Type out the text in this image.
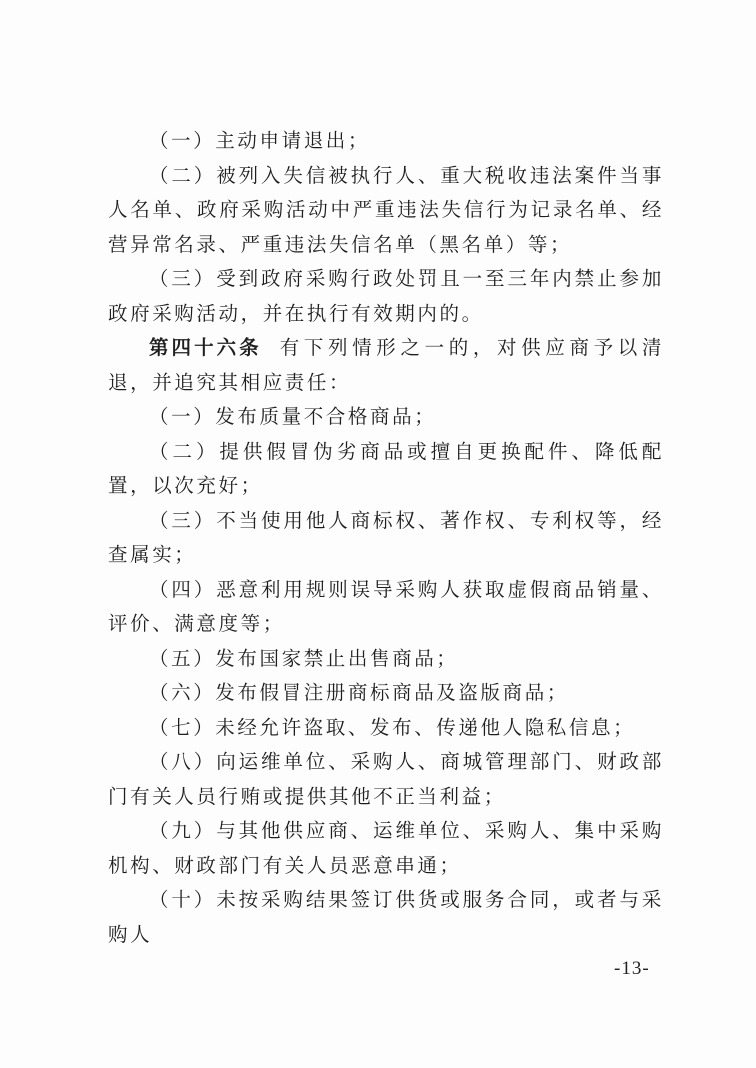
（一）主动申请退出；

（二）被列入失信被执行人、重大税收违法案件当事人名单、政府采购活动中严重违法失信行为记录名单、经营异常名录、严重违法失信名单（黑名单）等；

（三）受到政府采购行政处罚且一至三年内禁止参加政府采购活动，并在执行有效期内的。

第四十六条 有下列情形之一的，对供应商予以清退，并追究其相应责任：

（一）发布质量不合格商品；

（二）提供假冒伪劣商品或擅自更换配件、降低配置，以次充好；

（三）不当使用他人商标权、著作权、专利权等，经查属实；

（四）恶意利用规则误导采购人获取虚假商品销量、评价、满意度等；

（五）发布国家禁止出售商品；

（六）发布假冒注册商标商品及盗版商品；

（七）未经允许盗取、发布、传递他人隐私信息；

（八）向运维单位、采购人、商城管理部门、财政部门有关人员行贿或提供其他不正当利益；

（九）与其他供应商、运维单位、采购人、集中采购机构、财政部门有关人员恶意串通；

（十）未按采购结果签订供货或服务合同，或者与采购人

-13-
